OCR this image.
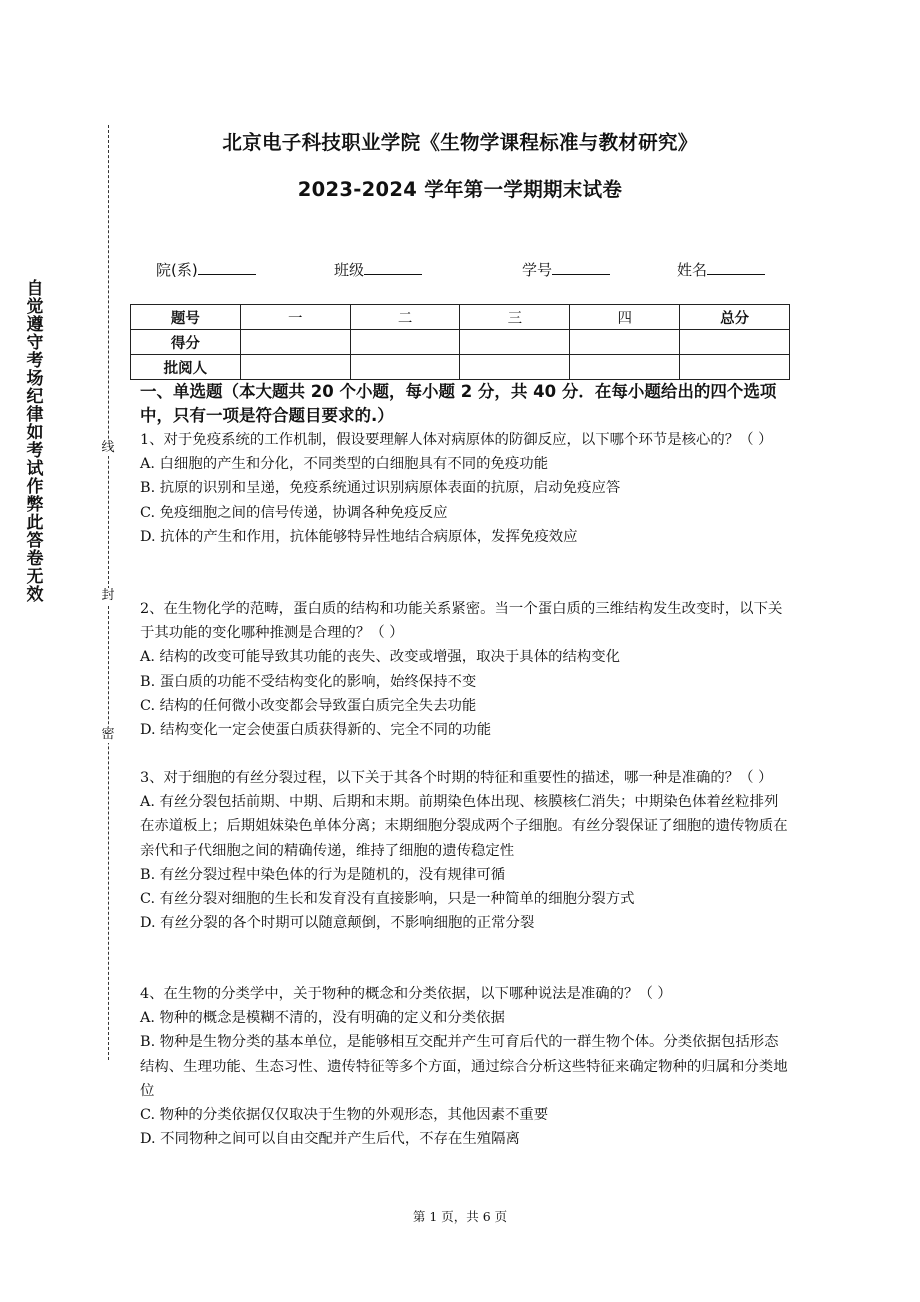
自觉遵守考场纪律如考试作弊此答卷无效
线
封
密
北京电子科技职业学院《生物学课程标准与教材研究》
2023-2024 学年第一学期期末试卷
院(系)	班级	学号	姓名
题号	一	二	三	四	总分
得分					
批阅人					
一、单选题（本大题共 20 个小题，每小题 2 分，共 40 分．在每小题给出的四个选项中，只有一项是符合题目要求的.）

1、对于免疫系统的工作机制，假设要理解人体对病原体的防御反应，以下哪个环节是核心的？（ ）

A. 白细胞的产生和分化，不同类型的白细胞具有不同的免疫功能

B. 抗原的识别和呈递，免疫系统通过识别病原体表面的抗原，启动免疫应答

C. 免疫细胞之间的信号传递，协调各种免疫反应

D. 抗体的产生和作用，抗体能够特异性地结合病原体，发挥免疫效应

2、在生物化学的范畴，蛋白质的结构和功能关系紧密。当一个蛋白质的三维结构发生改变时，以下关于其功能的变化哪种推测是合理的？（ ）

A. 结构的改变可能导致其功能的丧失、改变或增强，取决于具体的结构变化

B. 蛋白质的功能不受结构变化的影响，始终保持不变

C. 结构的任何微小改变都会导致蛋白质完全失去功能

D. 结构变化一定会使蛋白质获得新的、完全不同的功能

3、对于细胞的有丝分裂过程，以下关于其各个时期的特征和重要性的描述，哪一种是准确的？（ ）

A. 有丝分裂包括前期、中期、后期和末期。前期染色体出现、核膜核仁消失；中期染色体着丝粒排列在赤道板上；后期姐妹染色单体分离；末期细胞分裂成两个子细胞。有丝分裂保证了细胞的遗传物质在亲代和子代细胞之间的精确传递，维持了细胞的遗传稳定性

B. 有丝分裂过程中染色体的行为是随机的，没有规律可循

C. 有丝分裂对细胞的生长和发育没有直接影响，只是一种简单的细胞分裂方式

D. 有丝分裂的各个时期可以随意颠倒，不影响细胞的正常分裂

4、在生物的分类学中，关于物种的概念和分类依据，以下哪种说法是准确的？（ ）

A. 物种的概念是模糊不清的，没有明确的定义和分类依据

B. 物种是生物分类的基本单位，是能够相互交配并产生可育后代的一群生物个体。分类依据包括形态结构、生理功能、生态习性、遗传特征等多个方面，通过综合分析这些特征来确定物种的归属和分类地位

C. 物种的分类依据仅仅取决于生物的外观形态，其他因素不重要

D. 不同物种之间可以自由交配并产生后代，不存在生殖隔离

第 1 页，共 6 页
